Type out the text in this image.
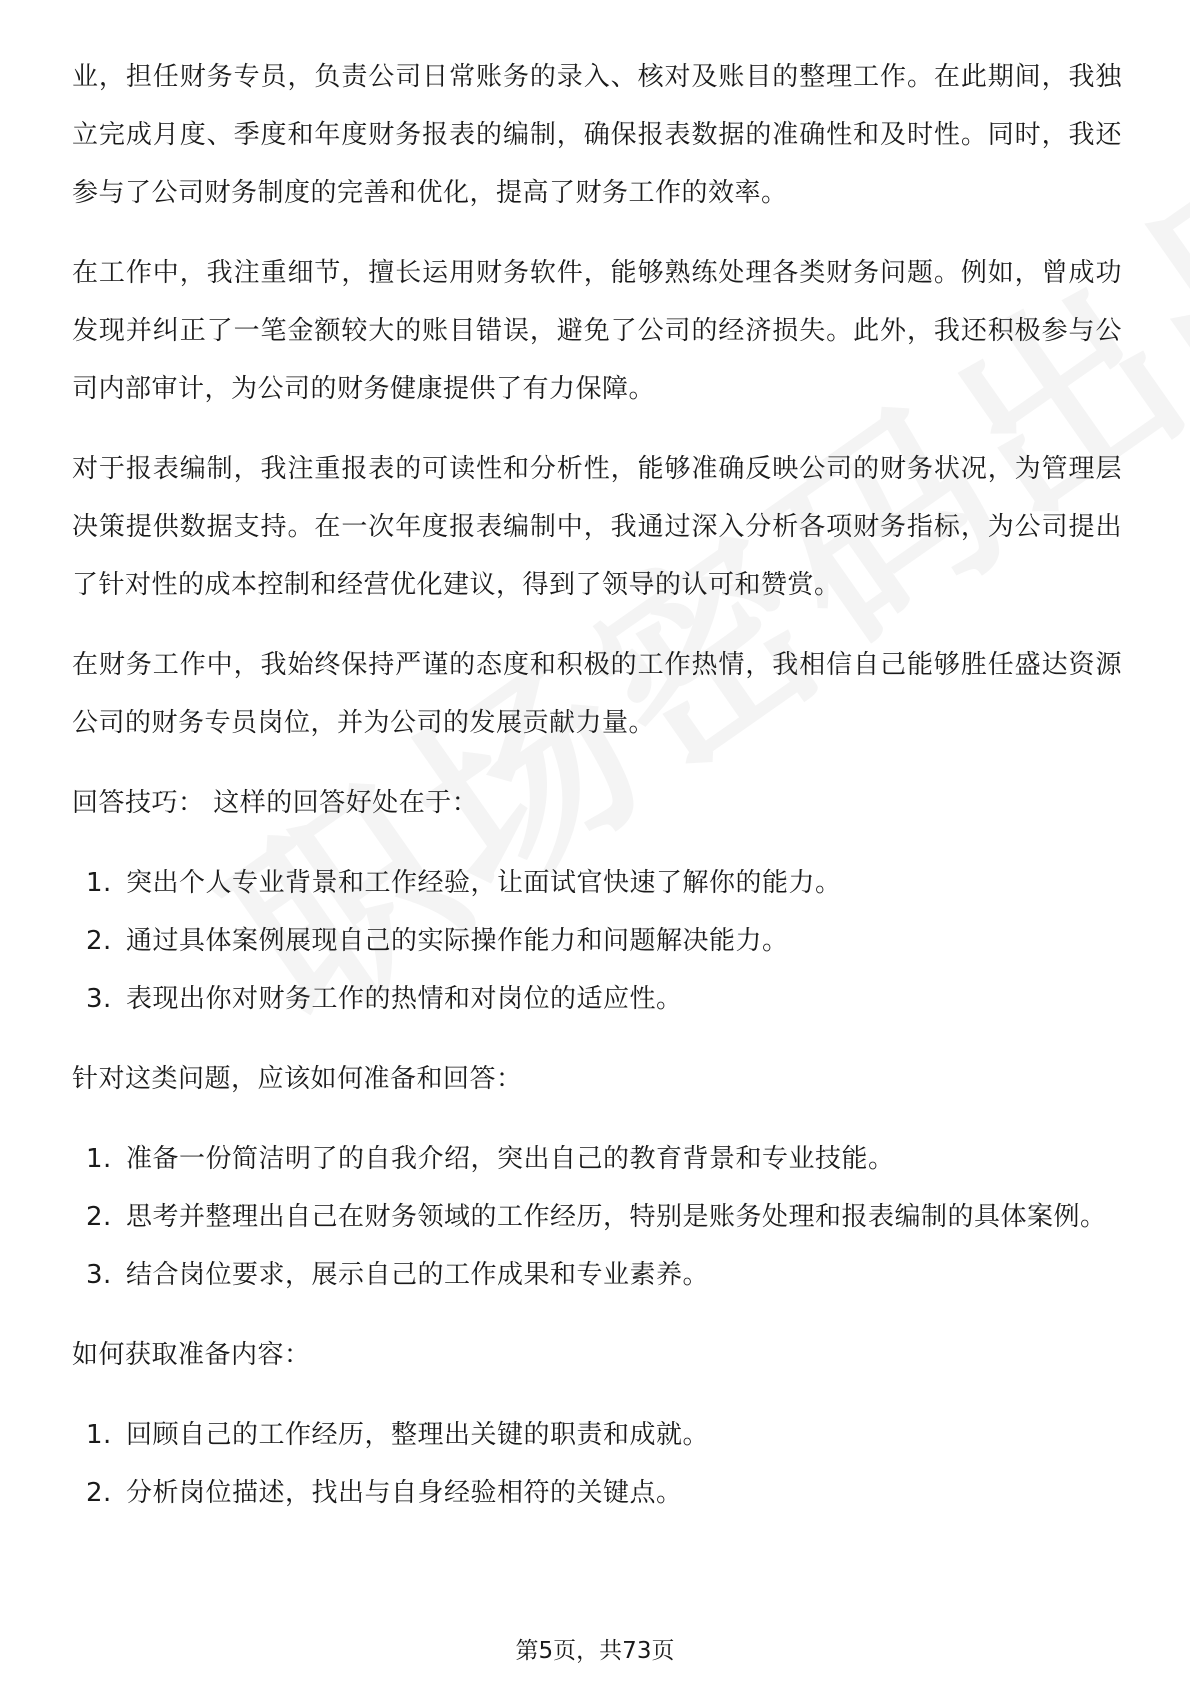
业，担任财务专员，负责公司日常账务的录入、核对及账目的整理工作。在此期间，我独立完成月度、季度和年度财务报表的编制，确保报表数据的准确性和及时性。同时，我还参与了公司财务制度的完善和优化，提高了财务工作的效率。

在工作中，我注重细节，擅长运用财务软件，能够熟练处理各类财务问题。例如，曾成功发现并纠正了一笔金额较大的账目错误，避免了公司的经济损失。此外，我还积极参与公司内部审计，为公司的财务健康提供了有力保障。

对于报表编制，我注重报表的可读性和分析性，能够准确反映公司的财务状况，为管理层决策提供数据支持。在一次年度报表编制中，我通过深入分析各项财务指标，为公司提出了针对性的成本控制和经营优化建议，得到了领导的认可和赞赏。

在财务工作中，我始终保持严谨的态度和积极的工作热情，我相信自己能够胜任盛达资源公司的财务专员岗位，并为公司的发展贡献力量。

回答技巧： 这样的回答好处在于：
1. 突出个人专业背景和工作经验，让面试官快速了解你的能力。
2. 通过具体案例展现自己的实际操作能力和问题解决能力。
3. 表现出你对财务工作的热情和对岗位的适应性。
针对这类问题，应该如何准备和回答：
1. 准备一份简洁明了的自我介绍，突出自己的教育背景和专业技能。
2. 思考并整理出自己在财务领域的工作经历，特别是账务处理和报表编制的具体案例。
3. 结合岗位要求，展示自己的工作成果和专业素养。
如何获取准备内容：
1. 回顾自己的工作经历，整理出关键的职责和成就。
2. 分析岗位描述，找出与自身经验相符的关键点。
第5页，共73页
